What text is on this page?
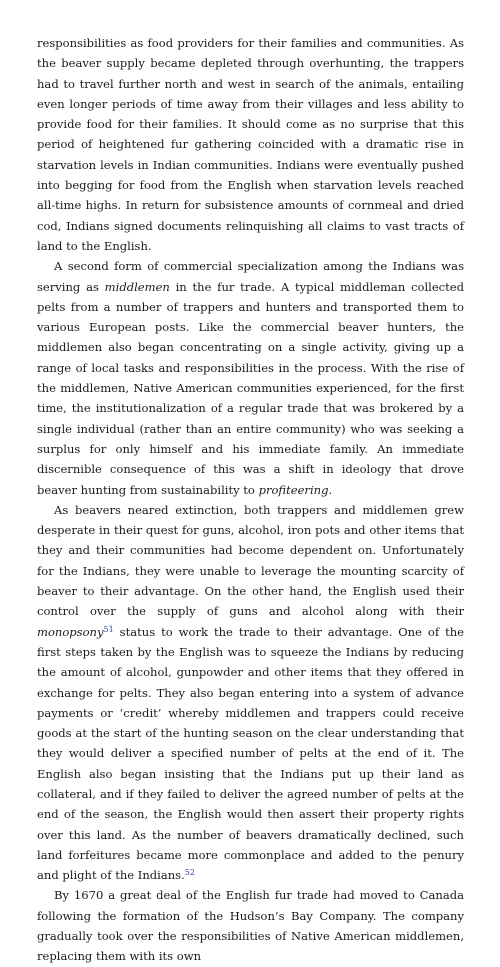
responsibilities as food providers for their families and communities. As the beaver supply became depleted through overhunting, the trappers had to travel further north and west in search of the animals, entailing even longer periods of time away from their villages and less ability to provide food for their families. It should come as no surprise that this period of heightened fur gathering coincided with a dramatic rise in starvation levels in Indian communities. Indians were eventually pushed into begging for food from the English when starvation levels reached all-time highs. In return for subsistence amounts of cornmeal and dried cod, Indians signed documents relinquishing all claims to vast tracts of land to the English.

A second form of commercial specialization among the Indians was serving as middlemen in the fur trade. A typical middleman collected pelts from a number of trappers and hunters and transported them to various European posts. Like the commercial beaver hunters, the middlemen also began concentrating on a single activity, giving up a range of local tasks and responsibilities in the process. With the rise of the middlemen, Native American communities experienced, for the first time, the institutionalization of a regular trade that was brokered by a single individual (rather than an entire community) who was seeking a surplus for only himself and his immediate family. An immediate discernible consequence of this was a shift in ideology that drove beaver hunting from sustainability to profiteering.

As beavers neared extinction, both trappers and middlemen grew desperate in their quest for guns, alcohol, iron pots and other items that they and their communities had become dependent on. Unfortunately for the Indians, they were unable to leverage the mounting scarcity of beaver to their advantage. On the other hand, the English used their control over the supply of guns and alcohol along with their monopsony$^{51}$ status to work the trade to their advantage. One of the first steps taken by the English was to squeeze the Indians by reducing the amount of alcohol, gunpowder and other items that they offered in exchange for pelts. They also began entering into a system of advance payments or ‘credit’ whereby middlemen and trappers could receive goods at the start of the hunting season on the clear understanding that they would deliver a specified number of pelts at the end of it. The English also began insisting that the Indians put up their land as collateral, and if they failed to deliver the agreed number of pelts at the end of the season, the English would then assert their property rights over this land. As the number of beavers dramatically declined, such land forfeitures became more commonplace and added to the penury and plight of the Indians.$^{52}$

By 1670 a great deal of the English fur trade had moved to Canada following the formation of the Hudson’s Bay Company. The company gradually took over the responsibilities of Native American middlemen, replacing them with its own
